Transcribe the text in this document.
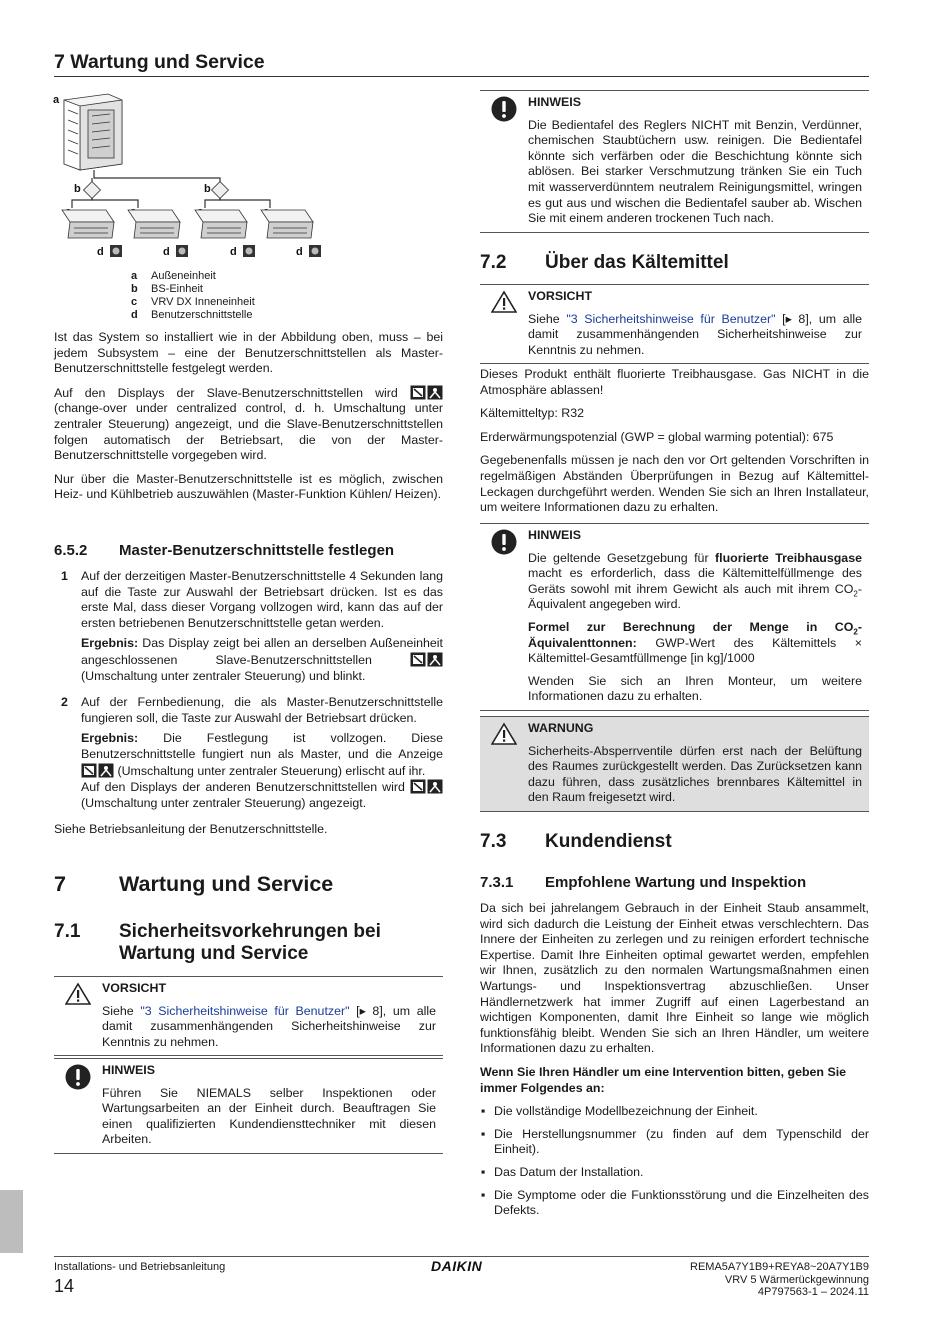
7 Wartung und Service
a
b	b
d	d	d	d
a	Außeneinheit
b	BS-Einheit
c	VRV DX Inneneinheit
d	Benutzerschnittstelle

Ist das System so installiert wie in der Abbildung oben, muss – bei jedem Subsystem – eine der Benutzerschnittstellen als Master-Benutzerschnittstelle festgelegt werden.

Auf den Displays der Slave-Benutzerschnittstellen wird  (change-over under centralized control, d. h. Umschaltung unter zentraler Steuerung) angezeigt, und die Slave-Benutzerschnittstellen folgen automatisch der Betriebsart, die von der Master-Benutzerschnittstelle vorgegeben wird.

Nur über die Master-Benutzerschnittstelle ist es möglich, zwischen Heiz- und Kühlbetrieb auszuwählen (Master-Funktion Kühlen/ Heizen).

6.5.2	Master-Benutzerschnittstelle festlegen
1	Auf der derzeitigen Master-Benutzerschnittstelle 4 Sekunden lang auf die Taste zur Auswahl der Betriebsart drücken. Ist es das erste Mal, dass dieser Vorgang vollzogen wird, kann das auf der ersten betriebenen Benutzerschnittstelle getan werden.

Ergebnis: Das Display zeigt bei allen an derselben Außeneinheit angeschlossenen Slave-Benutzerschnittstellen  (Umschaltung unter zentraler Steuerung) und blinkt.

2	Auf der Fernbedienung, die als Master-Benutzerschnittstelle fungieren soll, die Taste zur Auswahl der Betriebsart drücken.

Ergebnis: Die Festlegung ist vollzogen. Diese Benutzerschnittstelle fungiert nun als Master, und die Anzeige  (Umschaltung unter zentraler Steuerung) erlischt auf ihr.

Auf den Displays der anderen Benutzerschnittstellen wird  (Umschaltung unter zentraler Steuerung) angezeigt.

Siehe Betriebsanleitung der Benutzerschnittstelle.

7	Wartung und Service
7.1	Sicherheitsvorkehrungen bei Wartung und Service
VORSICHT
Siehe "3 Sicherheitshinweise für Benutzer" [▸ 8], um alle damit zusammenhängenden Sicherheitshinweise zur Kenntnis zu nehmen.
HINWEIS
Führen Sie NIEMALS selber Inspektionen oder Wartungsarbeiten an der Einheit durch. Beauftragen Sie einen qualifizierten Kundendiensttechniker mit diesen Arbeiten.
HINWEIS
Die Bedientafel des Reglers NICHT mit Benzin, Verdünner, chemischen Staubtüchern usw. reinigen. Die Bedientafel könnte sich verfärben oder die Beschichtung könnte sich ablösen. Bei starker Verschmutzung tränken Sie ein Tuch mit wasserverdünntem neutralem Reinigungsmittel, wringen es gut aus und wischen die Bedientafel sauber ab. Wischen Sie mit einem anderen trockenen Tuch nach.
7.2	Über das Kältemittel
VORSICHT
Siehe "3 Sicherheitshinweise für Benutzer" [▸ 8], um alle damit zusammenhängenden Sicherheitshinweise zur Kenntnis zu nehmen.

Dieses Produkt enthält fluorierte Treibhausgase. Gas NICHT in die Atmosphäre ablassen!

Kältemitteltyp: R32

Erderwärmungspotenzial (GWP = global warming potential): 675

Gegebenenfalls müssen je nach den vor Ort geltenden Vorschriften in regelmäßigen Abständen Überprüfungen in Bezug auf Kältemittel-Leckagen durchgeführt werden. Wenden Sie sich an Ihren Installateur, um weitere Informationen dazu zu erhalten.

HINWEIS

Die geltende Gesetzgebung für fluorierte Treibhausgase macht es erforderlich, dass die Kältemittelfüllmenge des Geräts sowohl mit ihrem Gewicht als auch mit ihrem $CO_2$-Äquivalent angegeben wird.

Formel zur Berechnung der Menge in $CO_2$-Äquivalenttonnen: GWP-Wert des Kältemittels × Kältemittel-Gesamtfüllmenge [in kg]/1000

Wenden Sie sich an Ihren Monteur, um weitere Informationen dazu zu erhalten.

WARNUNG
Sicherheits-Absperrventile dürfen erst nach der Belüftung des Raumes zurückgestellt werden. Das Zurücksetzen kann dazu führen, dass zusätzliches brennbares Kältemittel in den Raum freigesetzt wird.
7.3	Kundendienst
7.3.1	Empfohlene Wartung und Inspektion

Da sich bei jahrelangem Gebrauch in der Einheit Staub ansammelt, wird sich dadurch die Leistung der Einheit etwas verschlechtern. Das Innere der Einheiten zu zerlegen und zu reinigen erfordert technische Expertise. Damit Ihre Einheiten optimal gewartet werden, empfehlen wir Ihnen, zusätzlich zu den normalen Wartungsmaßnahmen einen Wartungs- und Inspektionsvertrag abzuschließen. Unser Händlernetzwerk hat immer Zugriff auf einen Lagerbestand an wichtigen Komponenten, damit Ihre Einheit so lange wie möglich funktionsfähig bleibt. Wenden Sie sich an Ihren Händler, um weitere Informationen dazu zu erhalten.

Wenn Sie Ihren Händler um eine Intervention bitten, geben Sie immer Folgendes an:

▪ Die vollständige Modellbezeichnung der Einheit.
▪ Die Herstellungsnummer (zu finden auf dem Typenschild der Einheit).
▪ Das Datum der Installation.
▪ Die Symptome oder die Funktionsstörung und die Einzelheiten des Defekts.
Installations- und Betriebsanleitung
14
DAIKIN	REMA5A7Y1B9+REYA8~20A7Y1B9
VRV 5 Wärmerückgewinnung
4P797563-1 – 2024.11
